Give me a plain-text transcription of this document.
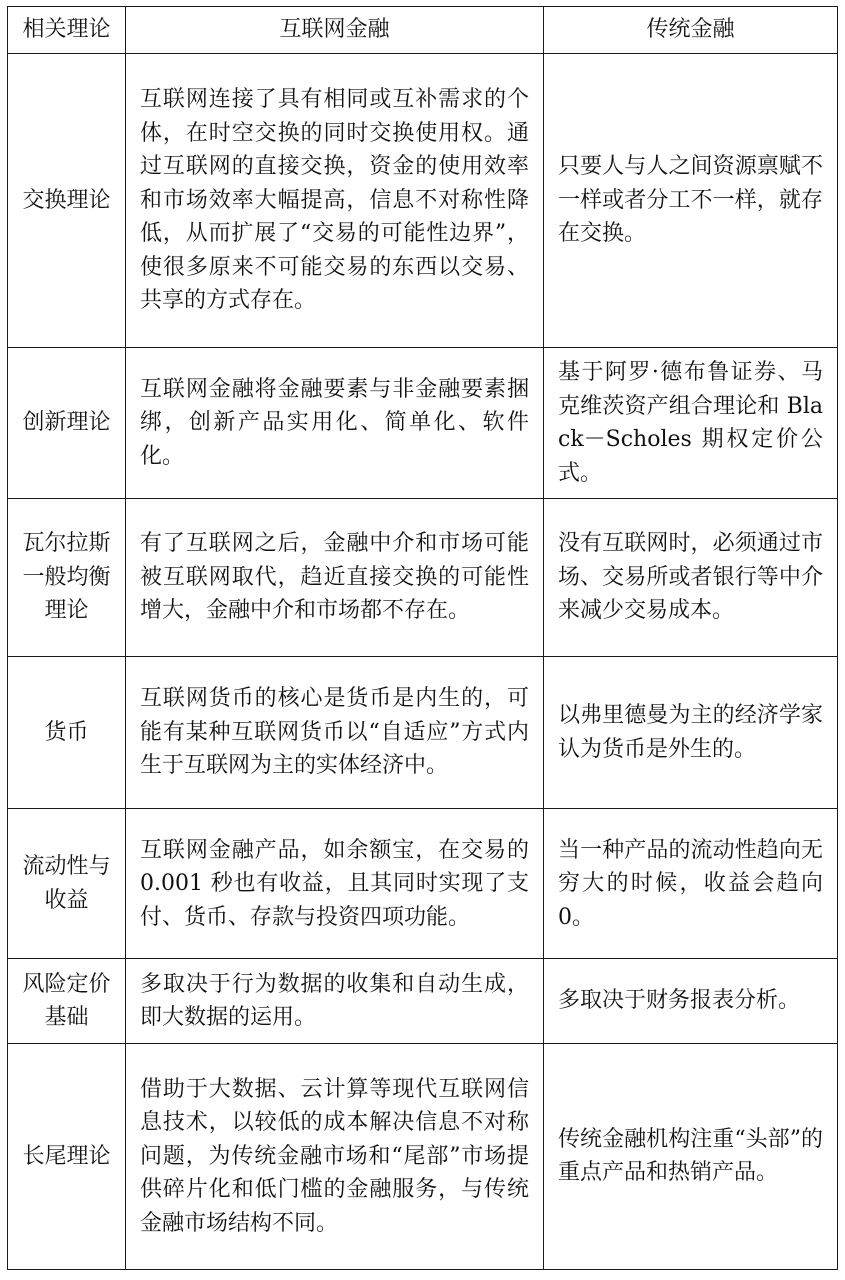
相关理论	互联网金融	传统金融
交换理论	互联网连接了具有相同或互补需求的个体，在时空交换的同时交换使用权。通过互联网的直接交换，资金的使用效率和市场效率大幅提高，信息不对称性降低，从而扩展了“交易的可能性边界”，使很多原来不可能交易的东西以交易、共享的方式存在。	只要人与人之间资源禀赋不一样或者分工不一样，就存在交换。
创新理论	互联网金融将金融要素与非金融要素捆绑，创新产品实用化、简单化、软件化。	基于阿罗·德布鲁证券、马克维茨资产组合理论和 Black－Scholes 期权定价公式。
瓦尔拉斯一般均衡理论	有了互联网之后，金融中介和市场可能被互联网取代，趋近直接交换的可能性增大，金融中介和市场都不存在。	没有互联网时，必须通过市场、交易所或者银行等中介来减少交易成本。
货币	互联网货币的核心是货币是内生的，可能有某种互联网货币以“自适应”方式内生于互联网为主的实体经济中。	以弗里德曼为主的经济学家认为货币是外生的。
流动性与收益	互联网金融产品，如余额宝，在交易的 0.001 秒也有收益，且其同时实现了支付、货币、存款与投资四项功能。	当一种产品的流动性趋向无穷大的时候，收益会趋向 0。
风险定价基础	多取决于行为数据的收集和自动生成，即大数据的运用。	多取决于财务报表分析。
长尾理论	借助于大数据、云计算等现代互联网信息技术，以较低的成本解决信息不对称问题，为传统金融市场和“尾部”市场提供碎片化和低门槛的金融服务，与传统金融市场结构不同。	传统金融机构注重“头部”的重点产品和热销产品。
